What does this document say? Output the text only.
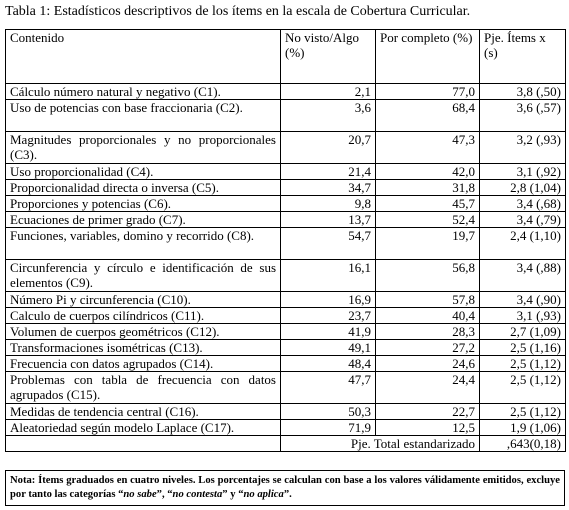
Tabla 1: Estadísticos descriptivos de los ítems en la escala de Cobertura Curricular.
Contenido	No visto/Algo (%)	Por completo (%)	Pje. Ítems x (s)
Cálculo número natural y negativo (C1).	2,1	77,0	3,8 (,50)
Uso de potencias con base fraccionaria (C2).	3,6	68,4	3,6 (,57)
Magnitudes proporcionales y no proporcionales (C3).	20,7	47,3	3,2 (,93)
Uso proporcionalidad (C4).	21,4	42,0	3,1 (,92)
Proporcionalidad directa o inversa (C5).	34,7	31,8	2,8 (1,04)
Proporciones y potencias (C6).	9,8	45,7	3,4 (,68)
Ecuaciones de primer grado (C7).	13,7	52,4	3,4 (,79)
Funciones, variables, domino y recorrido (C8).	54,7	19,7	2,4 (1,10)
Circunferencia y círculo e identificación de sus elementos (C9).	16,1	56,8	3,4 (,88)
Número Pi y circunferencia (C10).	16,9	57,8	3,4 (,90)
Calculo de cuerpos cilíndricos (C11).	23,7	40,4	3,1 (,93)
Volumen de cuerpos geométricos (C12).	41,9	28,3	2,7 (1,09)
Transformaciones isométricas (C13).	49,1	27,2	2,5 (1,16)
Frecuencia con datos agrupados (C14).	48,4	24,6	2,5 (1,12)
Problemas con tabla de frecuencia con datos agrupados (C15).	47,7	24,4	2,5 (1,12)
Medidas de tendencia central (C16).	50,3	22,7	2,5 (1,12)
Aleatoriedad según modelo Laplace (C17).	71,9	12,5	1,9 (1,06)
	Pje. Total estandarizado		,643(0,18)
Nota: Ítems graduados en cuatro niveles. Los porcentajes se calculan con base a los valores válidamente emitidos, excluye por tanto las categorías “no sabe”, “no contesta” y “no aplica”.
